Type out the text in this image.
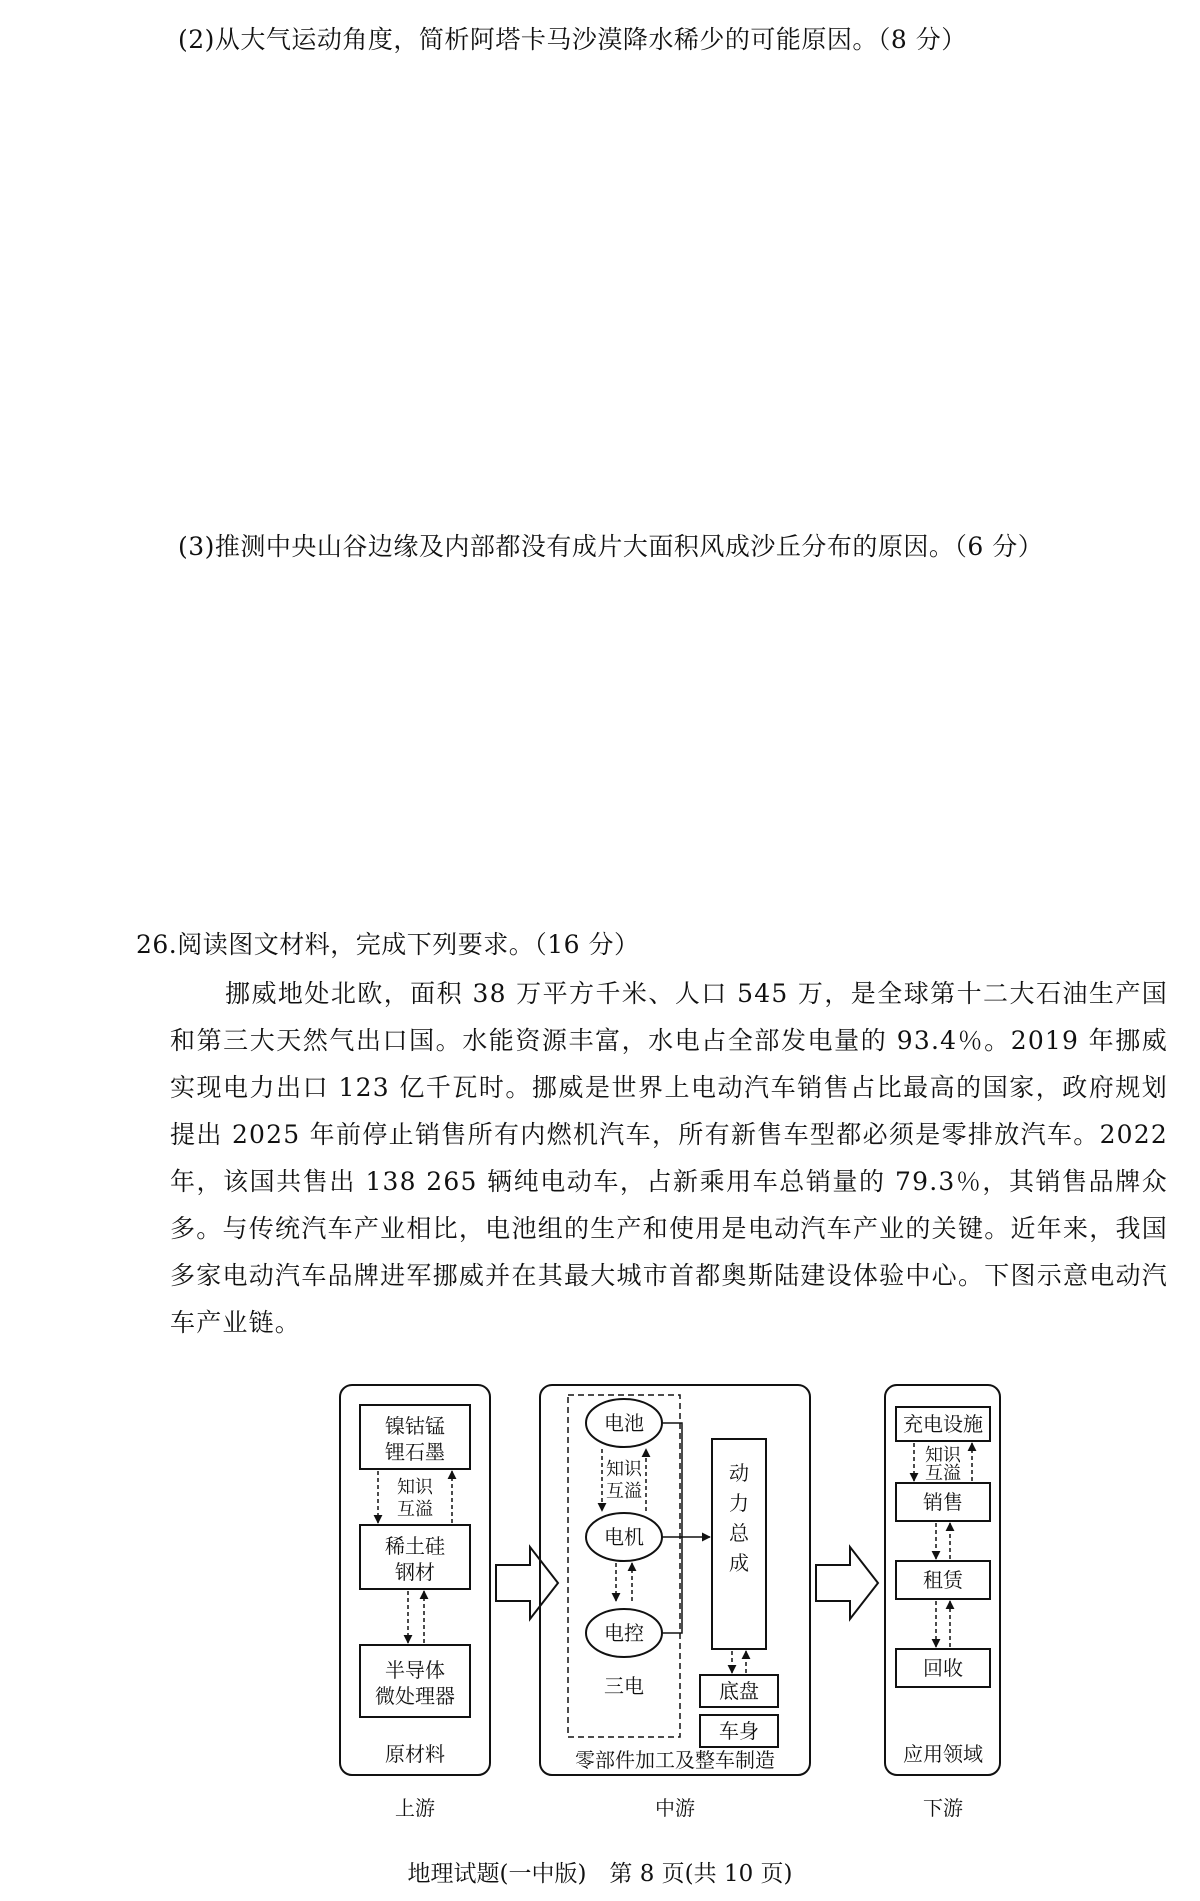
(2)从大气运动角度，简析阿塔卡马沙漠降水稀少的可能原因。（8 分）
(3)推测中央山谷边缘及内部都没有成片大面积风成沙丘分布的原因。（6 分）
26.阅读图文材料，完成下列要求。（16 分）
挪威地处北欧，面积 38 万平方千米、人口 545 万，是全球第十二大石油生产国和第三大天然气出口国。水能资源丰富，水电占全部发电量的 93.4％。2019 年挪威实现电力出口 123 亿千瓦时。挪威是世界上电动汽车销售占比最高的国家，政府规划提出 2025 年前停止销售所有内燃机汽车，所有新售车型都必须是零排放汽车。2022 年，该国共售出 138 265 辆纯电动车，占新乘用车总销量的 79.3％，其销售品牌众多。与传统汽车产业相比，电池组的生产和使用是电动汽车产业的关键。近年来，我国多家电动汽车品牌进军挪威并在其最大城市首都奥斯陆建设体验中心。下图示意电动汽车产业链。
镍钴锰
锂石墨
知识
互溢
稀土硅
钢材
半导体
微处理器
原材料
上游
电池
知识
互溢
电机
电控
三电
动
力
总
成
底盘
车身
零部件加工及整车制造
中游
充电设施
知识
互溢
销售
租赁
回收
应用领域
下游
地理试题(一中版)　第 8 页(共 10 页)
